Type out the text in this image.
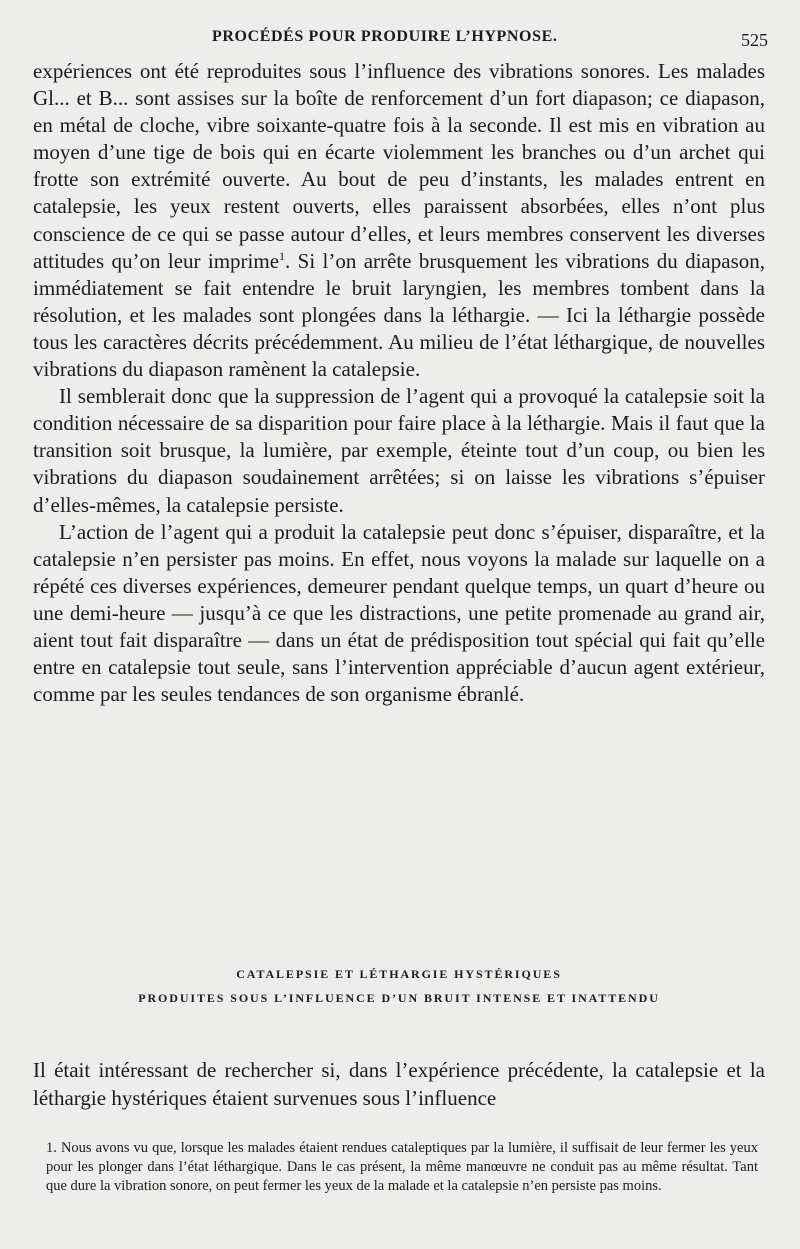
PROCÉDÉS POUR PRODUIRE L’HYPNOSE.	525

expériences ont été reproduites sous l’influence des vibrations sonores. Les malades Gl... et B... sont assises sur la boîte de renforcement d’un fort diapason; ce diapason, en métal de cloche, vibre soixante-quatre fois à la seconde. Il est mis en vibration au moyen d’une tige de bois qui en écarte violemment les branches ou d’un archet qui frotte son extrémité ouverte. Au bout de peu d’instants, les malades entrent en catalepsie, les yeux restent ouverts, elles paraissent absorbées, elles n’ont plus conscience de ce qui se passe autour d’elles, et leurs membres conservent les diverses attitudes qu’on leur imprime$^1$. Si l’on arrête brusquement les vibrations du diapason, immédiatement se fait entendre le bruit laryngien, les membres tombent dans la résolution, et les malades sont plongées dans la léthargie. — Ici la léthargie possède tous les caractères décrits précédemment. Au milieu de l’état léthargique, de nouvelles vibrations du diapason ramènent la catalepsie.

Il semblerait donc que la suppression de l’agent qui a provoqué la catalepsie soit la condition nécessaire de sa disparition pour faire place à la léthargie. Mais il faut que la transition soit brusque, la lumière, par exemple, éteinte tout d’un coup, ou bien les vibrations du diapason soudainement arrêtées; si on laisse les vibrations s’épuiser d’elles-mêmes, la catalepsie persiste.

L’action de l’agent qui a produit la catalepsie peut donc s’épuiser, disparaître, et la catalepsie n’en persister pas moins. En effet, nous voyons la malade sur laquelle on a répété ces diverses expériences, demeurer pendant quelque temps, un quart d’heure ou une demi-heure — jusqu’à ce que les distractions, une petite promenade au grand air, aient tout fait disparaître — dans un état de prédisposition tout spécial qui fait qu’elle entre en catalepsie tout seule, sans l’intervention appréciable d’aucun agent extérieur, comme par les seules tendances de son organisme ébranlé.

CATALEPSIE ET LÉTHARGIE HYSTÉRIQUES
PRODUITES SOUS L’INFLUENCE D’UN BRUIT INTENSE ET INATTENDU

Il était intéressant de rechercher si, dans l’expérience précédente, la catalepsie et la léthargie hystériques étaient survenues sous l’influence

1. Nous avons vu que, lorsque les malades étaient rendues cataleptiques par la lumière, il suffisait de leur fermer les yeux pour les plonger dans l’état léthargique. Dans le cas présent, la même manœuvre ne conduit pas au même résultat. Tant que dure la vibration sonore, on peut fermer les yeux de la malade et la catalepsie n’en persiste pas moins.
